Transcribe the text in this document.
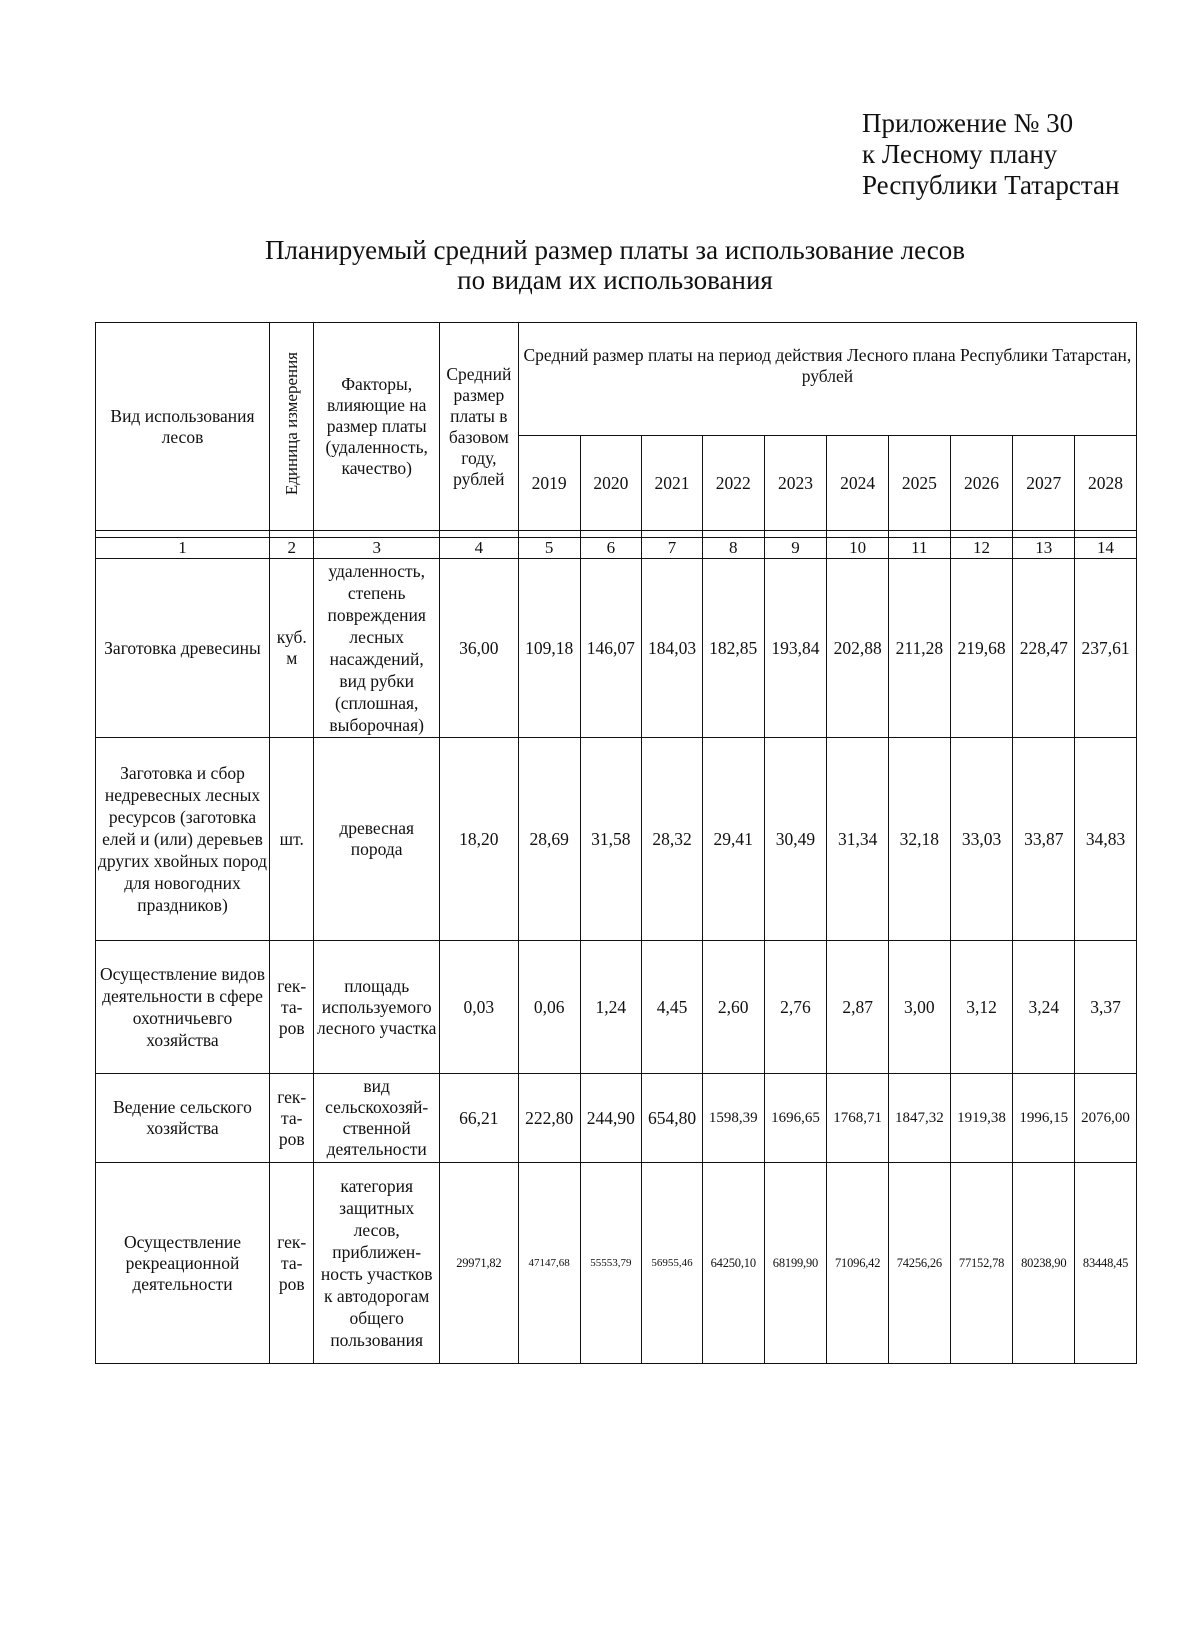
Приложение № 30
к Лесному плану
Республики Татарстан
Планируемый средний размер платы за использование лесов
по видам их использования
Вид использования лесов	Единица измерения	Факторы, влияющие на размер платы (удаленность, качество)	Средний размер платы в базовом году, рублей	Средний размер платы на период действия Лесного плана Республики Татарстан, рублей									
				2019	2020	2021	2022	2023	2024	2025	2026	2027	2028

1	2	3	4	5	6	7	8	9	10	11	12	13	14
Заготовка древесины	куб. м	удаленность, степень повреждения лесных насаждений, вид рубки (сплошная, выборочная)	36,00	109,18	146,07	184,03	182,85	193,84	202,88	211,28	219,68	228,47	237,61
Заготовка и сбор недревесных лесных ресурсов (заготовка елей и (или) деревьев других хвойных пород для новогодних праздников)	шт.	древесная порода	18,20	28,69	31,58	28,32	29,41	30,49	31,34	32,18	33,03	33,87	34,83
Осуществление видов деятельности в сфере охотничьевго хозяйства	гек-та-ров	площадь используемого лесного участка	0,03	0,06	1,24	4,45	2,60	2,76	2,87	3,00	3,12	3,24	3,37
Ведение сельского хозяйства	гек-та-ров	вид сельскохозяй-ственной деятельности	66,21	222,80	244,90	654,80	1598,39	1696,65	1768,71	1847,32	1919,38	1996,15	2076,00
Осуществление рекреационной деятельности	гек-та-ров	категория защитных лесов, приближен-ность участков к автодорогам общего пользования	29971,82	47147,68	55553,79	56955,46	64250,10	68199,90	71096,42	74256,26	77152,78	80238,90	83448,45
